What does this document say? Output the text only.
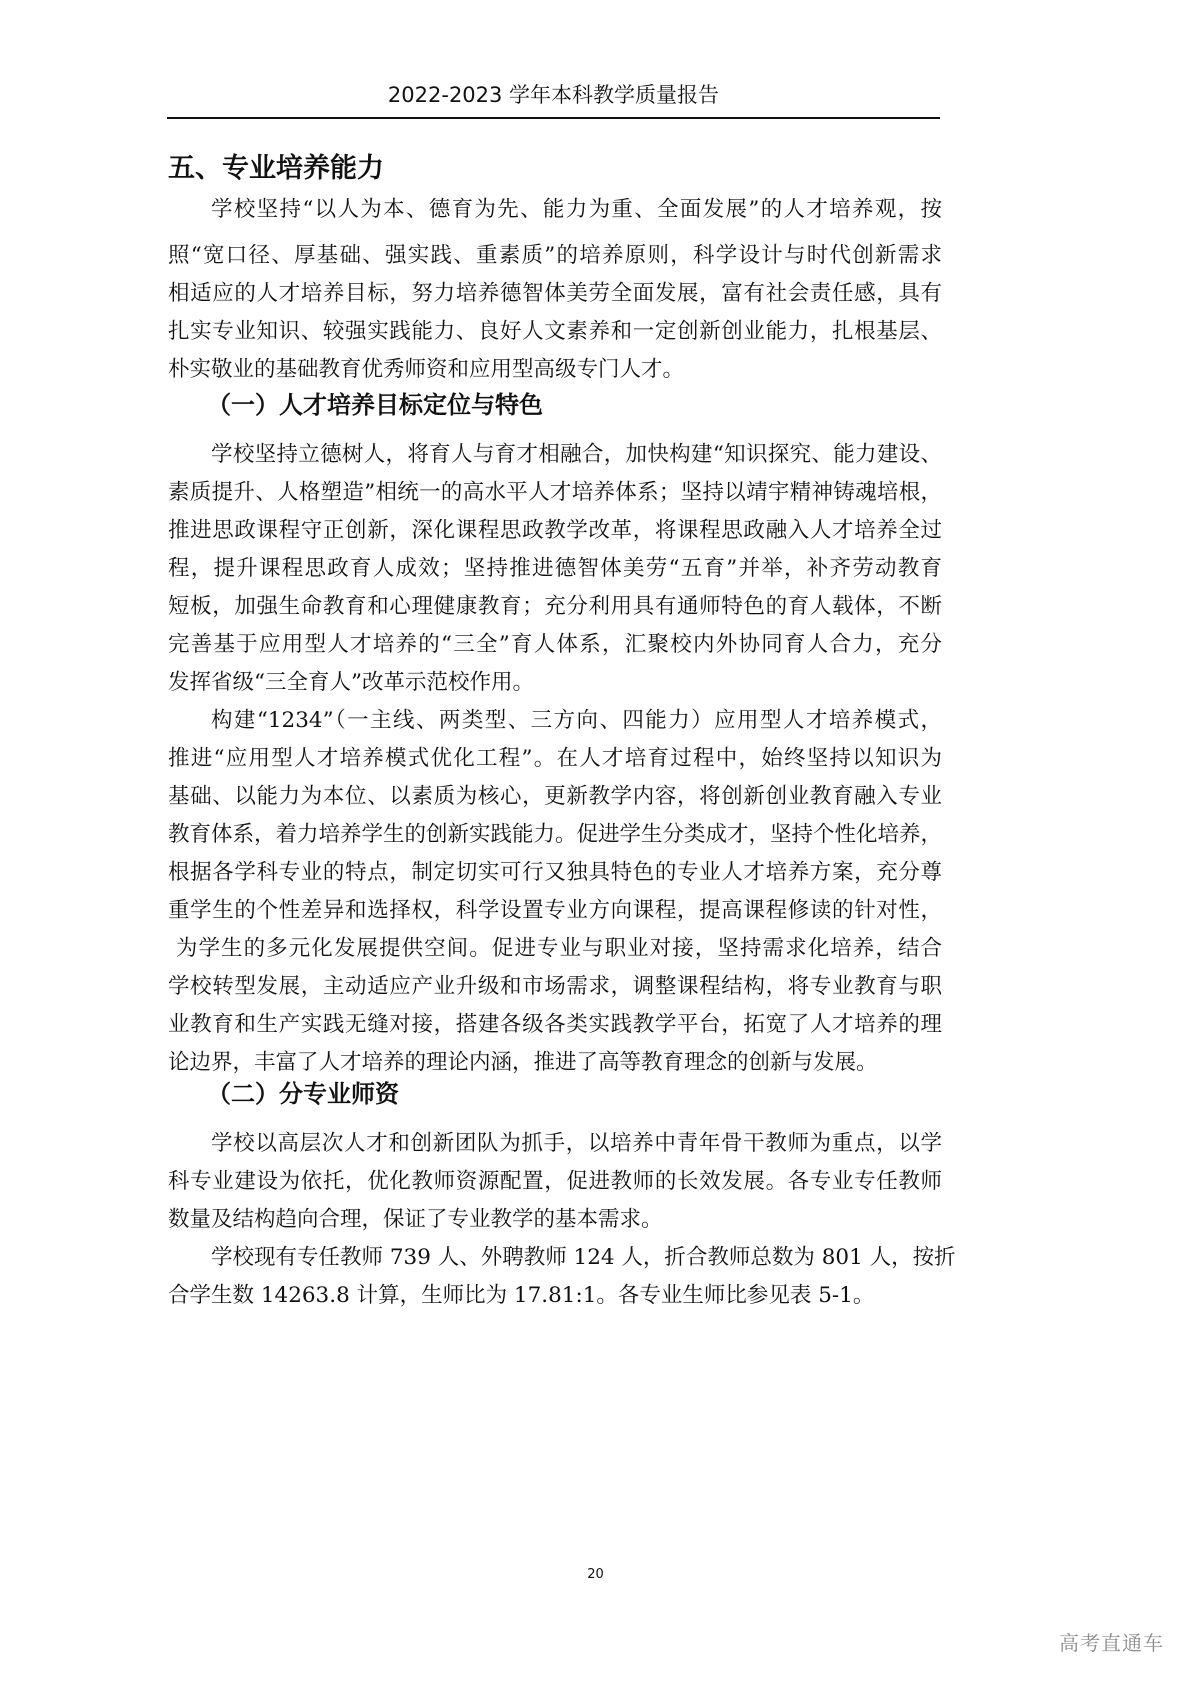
2022-2023 学年本科教学质量报告
五、专业培养能力
学校坚持“以人为本、德育为先、能力为重、全面发展”的人才培养观，按
照“宽口径、厚基础、强实践、重素质”的培养原则，科学设计与时代创新需求
相适应的人才培养目标，努力培养德智体美劳全面发展，富有社会责任感，具有
扎实专业知识、较强实践能力、良好人文素养和一定创新创业能力，扎根基层、
朴实敬业的基础教育优秀师资和应用型高级专门人才。
（一）人才培养目标定位与特色
学校坚持立德树人，将育人与育才相融合，加快构建“知识探究、能力建设、
素质提升、人格塑造”相统一的高水平人才培养体系；坚持以靖宇精神铸魂培根，
推进思政课程守正创新，深化课程思政教学改革，将课程思政融入人才培养全过
程，提升课程思政育人成效；坚持推进德智体美劳“五育”并举，补齐劳动教育
短板，加强生命教育和心理健康教育；充分利用具有通师特色的育人载体，不断
完善基于应用型人才培养的“三全”育人体系，汇聚校内外协同育人合力，充分
发挥省级“三全育人”改革示范校作用。
构建“1234”（一主线、两类型、三方向、四能力）应用型人才培养模式，
推进“应用型人才培养模式优化工程”。在人才培育过程中，始终坚持以知识为
基础、以能力为本位、以素质为核心，更新教学内容，将创新创业教育融入专业
教育体系，着力培养学生的创新实践能力。促进学生分类成才，坚持个性化培养，
根据各学科专业的特点，制定切实可行又独具特色的专业人才培养方案，充分尊
重学生的个性差异和选择权，科学设置专业方向课程，提高课程修读的针对性，
为学生的多元化发展提供空间。促进专业与职业对接，坚持需求化培养，结合
学校转型发展，主动适应产业升级和市场需求，调整课程结构，将专业教育与职
业教育和生产实践无缝对接，搭建各级各类实践教学平台，拓宽了人才培养的理
论边界，丰富了人才培养的理论内涵，推进了高等教育理念的创新与发展。
（二）分专业师资
学校以高层次人才和创新团队为抓手，以培养中青年骨干教师为重点，以学
科专业建设为依托，优化教师资源配置，促进教师的长效发展。各专业专任教师
数量及结构趋向合理，保证了专业教学的基本需求。
学校现有专任教师 739 人、外聘教师 124 人，折合教师总数为 801 人，按折
合学生数 14263.8 计算，生师比为 17.81:1。各专业生师比参见表 5-1。
20
高考直通车
